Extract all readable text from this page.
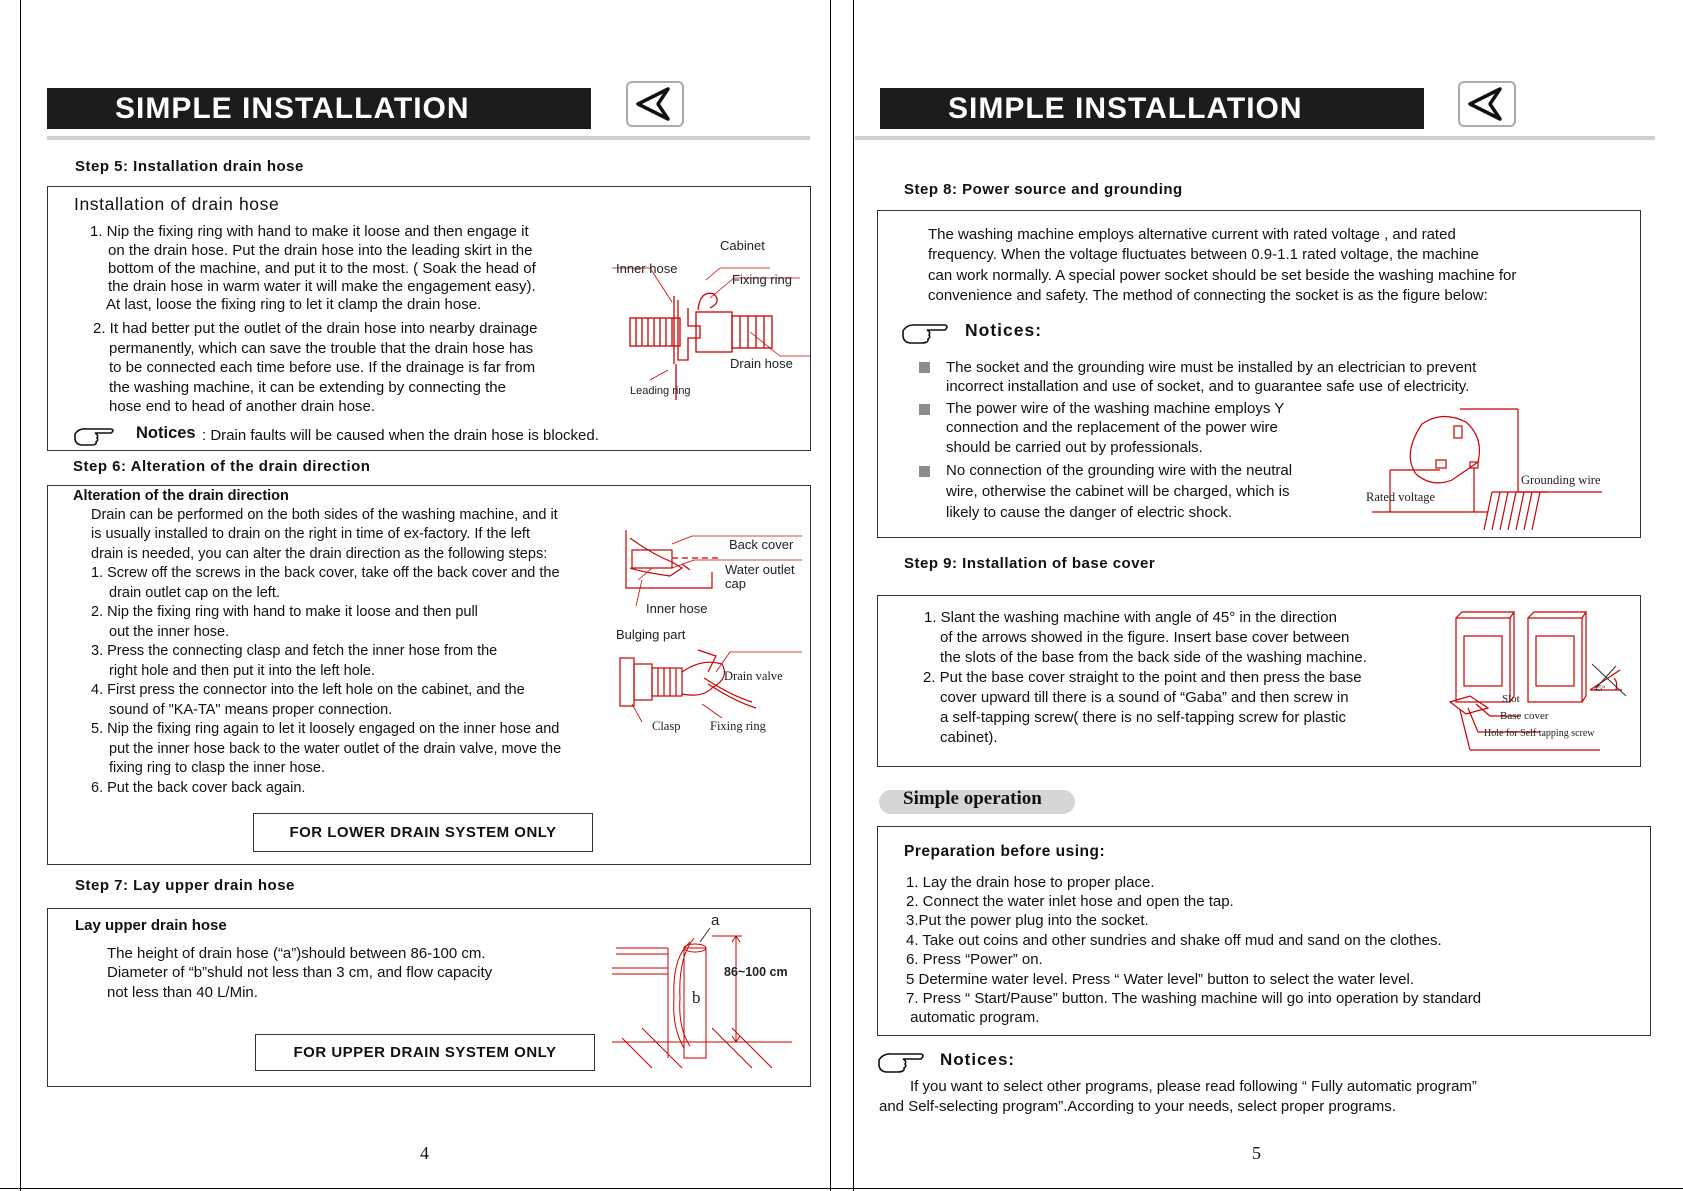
SIMPLE INSTALLATION
Step 5: Installation drain hose
Installation of drain hose
1. Nip the fixing ring with hand to make it loose and then engage it
on the drain hose. Put the drain hose into the leading skirt in the
bottom of the machine, and put it to the most. ( Soak the head of
the drain hose in warm water it will make the engagement easy).
At last, loose the fixing ring to let it clamp the drain hose.
2. It had better put the outlet of the drain hose into nearby drainage
permanently, which can save the trouble that the drain hose has
to be connected each time before use. If the drainage is far from
the washing machine, it can be extending by connecting the
hose end to head of another drain hose.
Notices : Drain faults will be caused when the drain hose is blocked.
Cabinet
Inner hose
Fixing ring
Drain hose
Leading ring
Step 6: Alteration of the drain direction
Alteration of the drain direction
Drain can be performed on the both sides of the washing machine, and it
is usually installed to drain on the right in time of ex-factory. If the left
drain is needed, you can alter the drain direction as the following steps:
1. Screw off the screws in the back cover, take off the back cover and the
drain outlet cap on the left.
2. Nip the fixing ring with hand to make it loose and then pull
out the inner hose.
3. Press the connecting clasp and fetch the inner hose from the
right hole and then put it into the left hole.
4. First press the connector into the left hole on the cabinet, and the
sound of "KA-TA" means proper connection.
5. Nip the fixing ring again to let it loosely engaged on the inner hose and
put the inner hose back to the water outlet of the drain valve, move the
fixing ring to clasp the inner hose.
6. Put the back cover back again.
FOR LOWER DRAIN SYSTEM ONLY
Back cover
Water outlet
cap
Inner hose
Bulging part
Drain valve
Clasp Fixing ring
Step 7: Lay upper drain hose
Lay upper drain hose
The height of drain hose (“a”)should between 86-100 cm.
Diameter of “b”shuld not less than 3 cm, and flow capacity
not less than 40 L/Min.
FOR UPPER DRAIN SYSTEM ONLY
a
b
86~100 cm
4
SIMPLE INSTALLATION
Step 8: Power source and grounding
The washing machine employs alternative current with rated voltage , and rated
frequency. When the voltage fluctuates between 0.9-1.1 rated voltage, the machine
can work normally. A special power socket should be set beside the washing machine for
convenience and safety. The method of connecting the socket is as the figure below:
Notices:
The socket and the grounding wire must be installed by an electrician to prevent
incorrect installation and use of socket, and to guarantee safe use of electricity.
The power wire of the washing machine employs Y
connection and the replacement of the power wire
should be carried out by professionals.
No connection of the grounding wire with the neutral
wire, otherwise the cabinet will be charged, which is
likely to cause the danger of electric shock.
Grounding wire
Rated voltage
Step 9: Installation of base cover
1. Slant the washing machine with angle of 45° in the direction
of the arrows showed in the figure. Insert base cover between
the slots of the base from the back side of the washing machine.
2. Put the base cover straight to the point and then press the base
cover upward till there is a sound of “Gaba” and then screw in
a self-tapping screw( there is no self-tapping screw for plastic
cabinet).
Slot
Base cover
Hole for Self tapping screw
45°
Simple operation
Preparation before using:
1. Lay the drain hose to proper place.
2. Connect the water inlet hose and open the tap.
3.Put the power plug into the socket.
4. Take out coins and other sundries and shake off mud and sand on the clothes.
6. Press “Power” on.
5 Determine water level. Press “ Water level” button to select the water level.
7. Press “ Start/Pause” button. The washing machine will go into operation by standard
automatic program.
Notices:
If you want to select other programs, please read following “ Fully automatic program”
and Self-selecting program”.According to your needs, select proper programs.
5
